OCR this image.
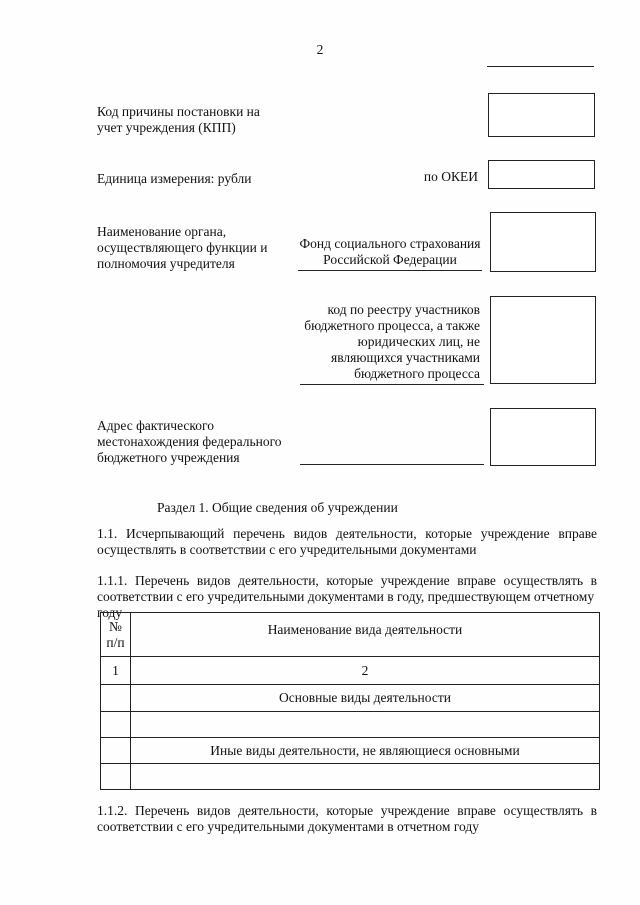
2
Код причины постановки на
учет учреждения (КПП)
Единица измерения: рубли	по ОКЕИ
Наименование органа,
осуществляющего функции и
полномочия учредителя
Фонд социального страхования
Российской Федерации
код по реестру участников
бюджетного процесса, а также
юридических лиц, не
являющихся участниками
бюджетного процесса
Адрес фактического
местонахождения федерального
бюджетного учреждения
Раздел 1. Общие сведения об учреждении
1.1. Исчерпывающий перечень видов деятельности, которые учреждение вправе
осуществлять в соответствии с его учредительными документами
1.1.1. Перечень видов деятельности, которые учреждение вправе осуществлять в
соответствии с его учредительными документами в году, предшествующем отчетному году
№
п/п	Наименование вида деятельности
1	2
	Основные виды деятельности

	Иные виды деятельности, не являющиеся основными

1.1.2. Перечень видов деятельности, которые учреждение вправе осуществлять в
соответствии с его учредительными документами в отчетном году
